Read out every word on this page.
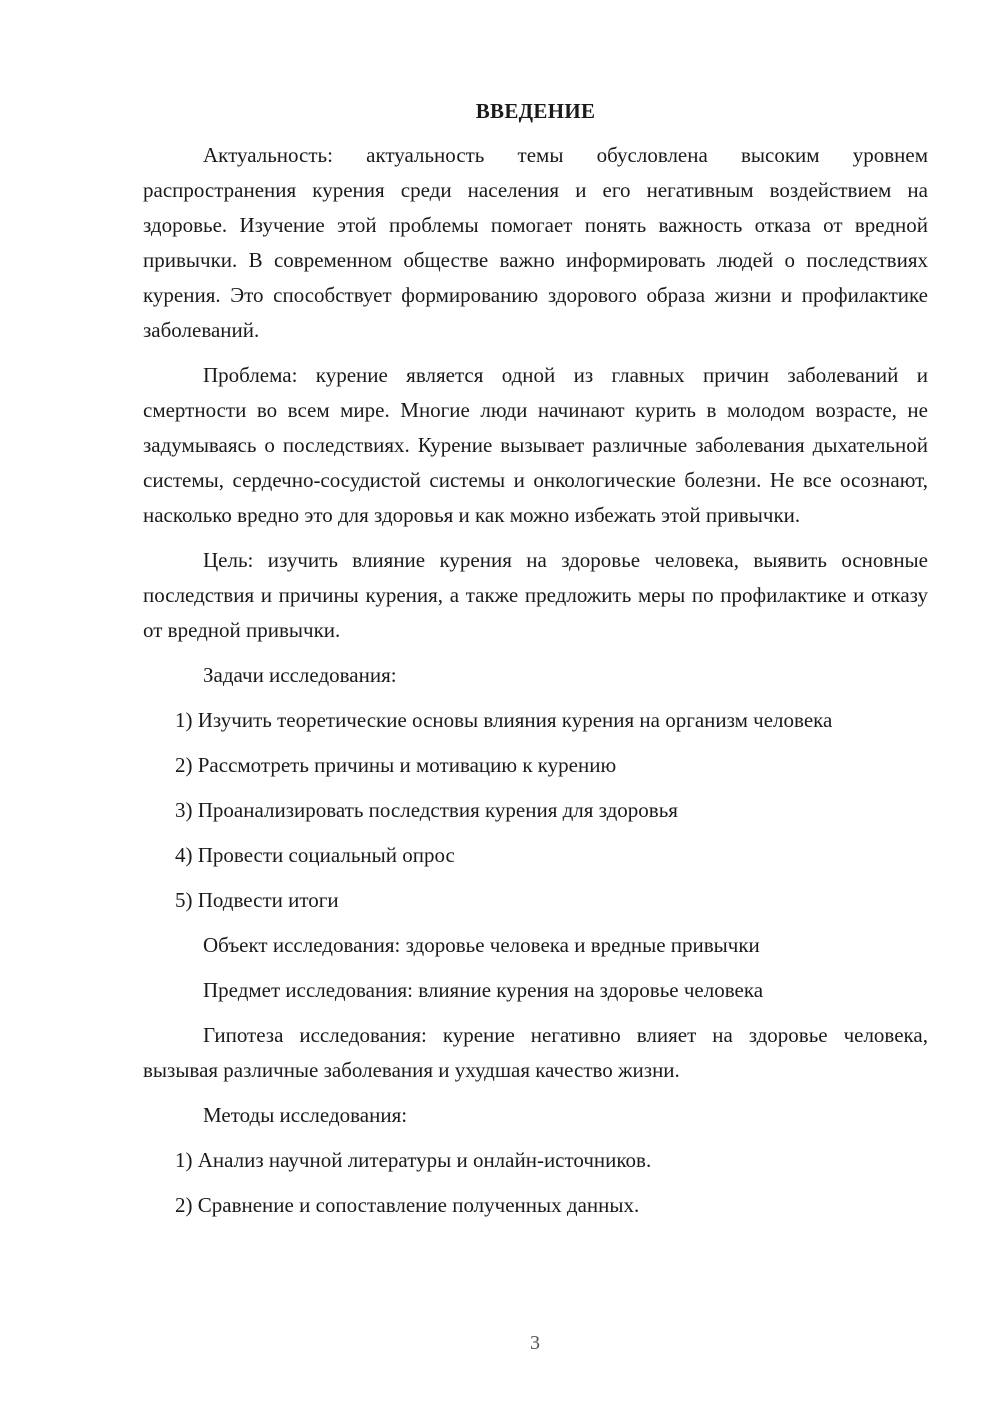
ВВЕДЕНИЕ

Актуальность: актуальность темы обусловлена высоким уровнем распространения курения среди населения и его негативным воздействием на здоровье. Изучение этой проблемы помогает понять важность отказа от вредной привычки. В современном обществе важно информировать людей о последствиях курения. Это способствует формированию здорового образа жизни и профилактике заболеваний.

Проблема: курение является одной из главных причин заболеваний и смертности во всем мире. Многие люди начинают курить в молодом возрасте, не задумываясь о последствиях. Курение вызывает различные заболевания дыхательной системы, сердечно-сосудистой системы и онкологические болезни. Не все осознают, насколько вредно это для здоровья и как можно избежать этой привычки.

Цель: изучить влияние курения на здоровье человека, выявить основные последствия и причины курения, а также предложить меры по профилактике и отказу от вредной привычки.

Задачи исследования:

1) Изучить теоретические основы влияния курения на организм человека

2) Рассмотреть причины и мотивацию к курению

3) Проанализировать последствия курения для здоровья

4) Провести социальный опрос

5) Подвести итоги

Объект исследования: здоровье человека и вредные привычки

Предмет исследования: влияние курения на здоровье человека

Гипотеза исследования: курение негативно влияет на здоровье человека, вызывая различные заболевания и ухудшая качество жизни.

Методы исследования:

1) Анализ научной литературы и онлайн-источников.

2) Сравнение и сопоставление полученных данных.

3
